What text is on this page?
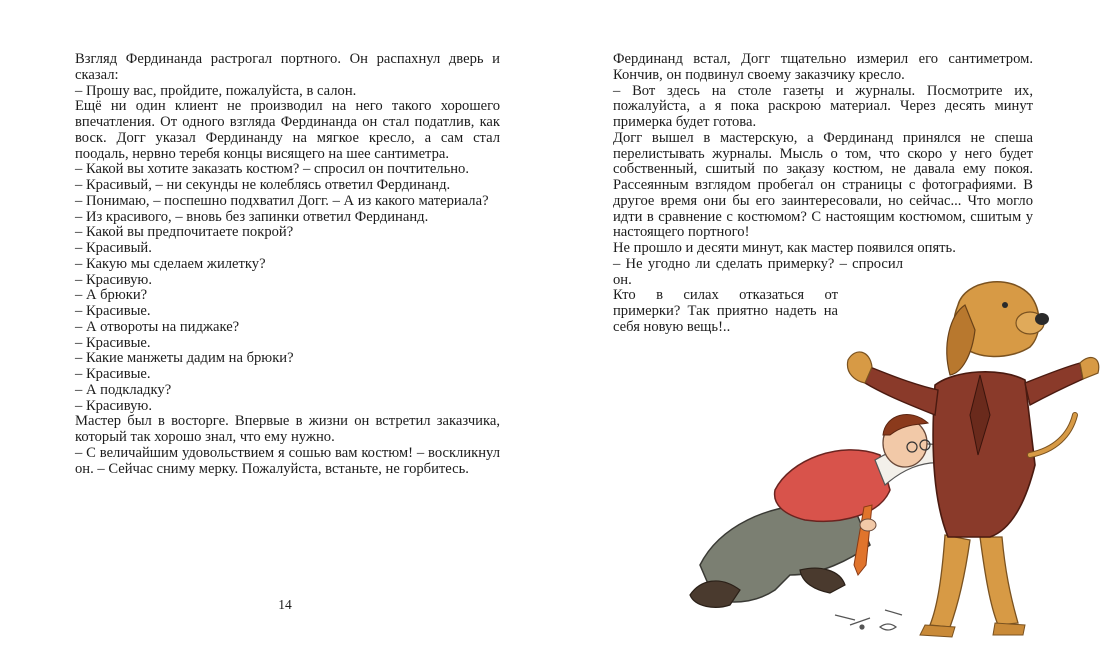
Взгляд Фердинанда растрогал портного. Он распахнул дверь и сказал:

– Прошу вас, пройдите, пожалуйста, в салон.

Ещё ни один клиент не производил на него такого хорошего впечатления. От одного взгляда Фердинанда он стал податлив, как воск. Догг указал Фердинанду на мягкое кресло, а сам стал поодаль, нервно теребя концы висящего на шее сантиметра.

– Какой вы хотите заказать костюм? – спросил он почтительно.

– Красивый, – ни секунды не колеблясь ответил Фердинанд.

– Понимаю, – поспешно подхватил Догг. – А из какого материала?

– Из красивого, – вновь без запинки ответил Фердинанд.

– Какой вы предпочитаете покрой?

– Красивый.

– Какую мы сделаем жилетку?

– Красивую.

– А брюки?

– Красивые.

– А отвороты на пиджаке?

– Красивые.

– Какие манжеты дадим на брюки?

– Красивые.

– А подкладку?

– Красивую.

Мастер был в восторге. Впервые в жизни он встретил заказчика, который так хорошо знал, что ему нужно.

– С величайшим удовольствием я сошью вам костюм! – воскликнул он. – Сейчас сниму мерку. Пожалуйста, встаньте, не горбитесь.

14

Фердинанд встал, Догг тщательно измерил его сантиметром. Кончив, он подвинул своему заказчику кресло.

– Вот здесь на столе газеты и журналы. Посмотрите их, пожалуйста, а я пока раскрою́ материал. Через десять минут примерка будет готова.

Догг вышел в мастерскую, а Фердинанд принялся не спеша перелистывать журналы. Мысль о том, что скоро у него будет собственный, сшитый по заказу костюм, не давала ему покоя. Рассеянным взглядом пробега́л он страницы с фотографиями. В другое время они бы его заинтересовали, но сейчас... Что могло идти в сравнение с костюмом? С настоящим костюмом, сшитым у настоящего портного!

Не прошло и десяти минут, как мастер появился опять.

– Не угодно ли сделать примерку? – спросил он.

Кто в силах отказаться от примерки? Так приятно надеть на себя новую вещь!..
